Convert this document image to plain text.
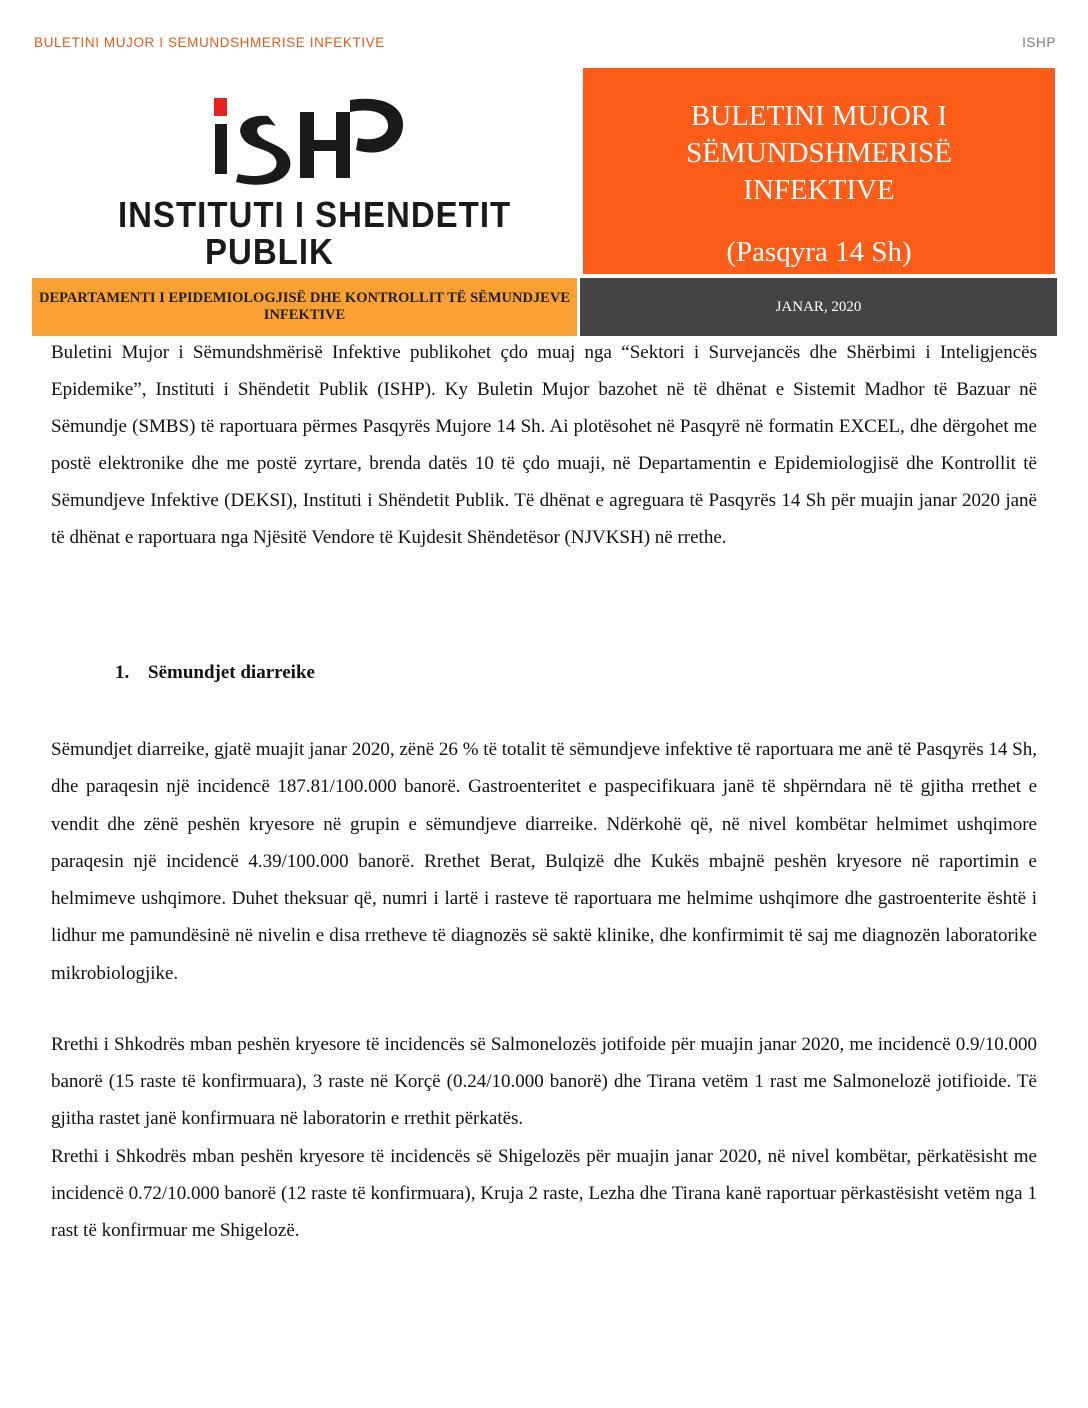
BULETINI MUJOR I SEMUNDSHMERISE INFEKTIVE	ISHP
INSTITUTI I SHENDETIT
PUBLIK
BULETINI MUJOR I
SËMUNDSHMERISË
INFEKTIVE
(Pasqyra 14 Sh)
DEPARTAMENTI I EPIDEMIOLOGJISË DHE KONTROLLIT TË SËMUNDJEVE INFEKTIVE
JANAR, 2020

Buletini Mujor i Sëmundshmërisë Infektive publikohet çdo muaj nga “Sektori i Survejancës dhe Shërbimi i Inteligjencës Epidemike”, Instituti i Shëndetit Publik (ISHP). Ky Buletin Mujor bazohet në të dhënat e Sistemit Madhor të Bazuar në Sëmundje (SMBS) të raportuara përmes Pasqyrës Mujore 14 Sh. Ai plotësohet në Pasqyrë në formatin EXCEL, dhe dërgohet me postë elektronike dhe me postë zyrtare, brenda datës 10 të çdo muaji, në Departamentin e Epidemiologjisë dhe Kontrollit të Sëmundjeve Infektive (DEKSI), Instituti i Shëndetit Publik. Të dhënat e agreguara të Pasqyrës 14 Sh për muajin janar 2020 janë të dhënat e raportuara nga Njësitë Vendore të Kujdesit Shëndetësor (NJVKSH) në rrethe.

1. Sëmundjet diarreike

Sëmundjet diarreike, gjatë muajit janar 2020, zënë 26 % të totalit të sëmundjeve infektive të raportuara me anë të Pasqyrës 14 Sh, dhe paraqesin një incidencë 187.81/100.000 banorë. Gastroenteritet e paspecifikuara janë të shpërndara në të gjitha rrethet e vendit dhe zënë peshën kryesore në grupin e sëmundjeve diarreike. Ndërkohë që, në nivel kombëtar helmimet ushqimore paraqesin një incidencë 4.39/100.000 banorë. Rrethet Berat, Bulqizë dhe Kukës mbajnë peshën kryesore në raportimin e helmimeve ushqimore. Duhet theksuar që, numri i lartë i rasteve të raportuara me helmime ushqimore dhe gastroenterite është i lidhur me pamundësinë në nivelin e disa rretheve të diagnozës së saktë klinike, dhe konfirmimit të saj me diagnozën laboratorike mikrobiologjike.

Rrethi i Shkodrës mban peshën kryesore të incidencës së Salmonelozës jotifoide për muajin janar 2020, me incidencë 0.9/10.000 banorë (15 raste të konfirmuara), 3 raste në Korçë (0.24/10.000 banorë) dhe Tirana vetëm 1 rast me Salmonelozë jotifioide. Të gjitha rastet janë konfirmuara në laboratorin e rrethit përkatës.

Rrethi i Shkodrës mban peshën kryesore të incidencës së Shigelozës për muajin janar 2020, në nivel kombëtar, përkatësisht me incidencë 0.72/10.000 banorë (12 raste të konfirmuara), Kruja 2 raste, Lezha dhe Tirana kanë raportuar përkastësisht vetëm nga 1 rast të konfirmuar me Shigelozë.
